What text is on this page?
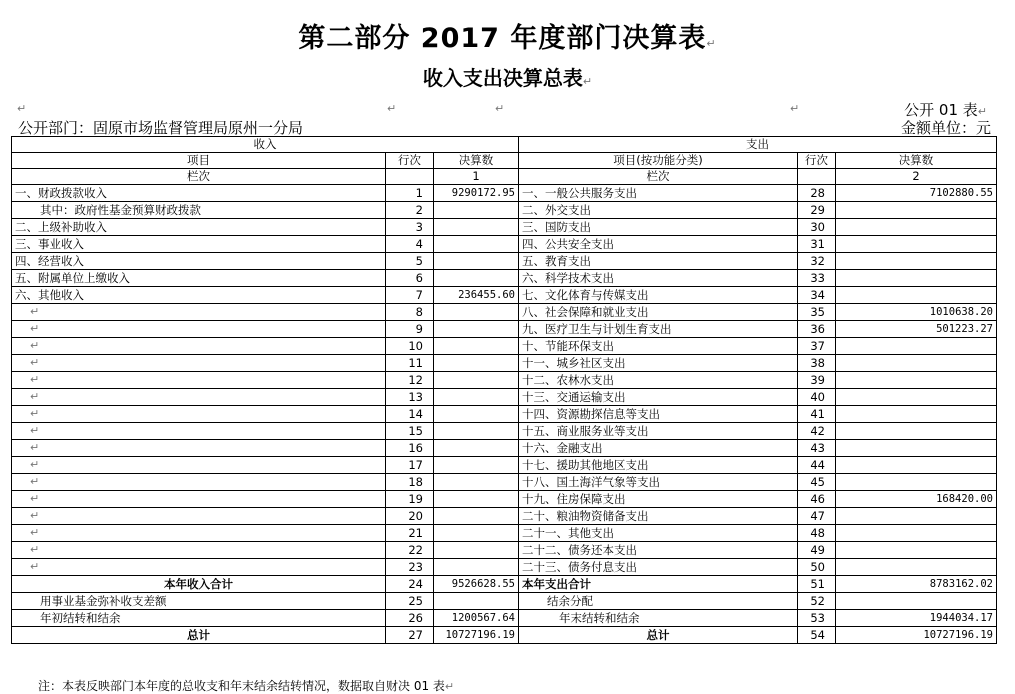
第二部分 2017 年度部门决算表↵
收入支出决算总表↵
公开 01 表↵
公开部门：固原市场监督管理局原州一分局	金额单位：元
↵	↵	↵	↵
收入			支出		
项目	行次	决算数	项目(按功能分类)	行次	决算数
栏次		1	栏次		2
一、财政拨款收入	1	9290172.95	一、一般公共服务支出	28	7102880.55
其中：政府性基金预算财政拨款	2		二、外交支出	29	
二、上级补助收入	3		三、国防支出	30	
三、事业收入	4		四、公共安全支出	31	
四、经营收入	5		五、教育支出	32	
五、附属单位上缴收入	6		六、科学技术支出	33	
六、其他收入	7	236455.60	七、文化体育与传媒支出	34	
↵	8		八、社会保障和就业支出	35	1010638.20
↵	9		九、医疗卫生与计划生育支出	36	501223.27
↵	10		十、节能环保支出	37	
↵	11		十一、城乡社区支出	38	
↵	12		十二、农林水支出	39	
↵	13		十三、交通运输支出	40	
↵	14		十四、资源勘探信息等支出	41	
↵	15		十五、商业服务业等支出	42	
↵	16		十六、金融支出	43	
↵	17		十七、援助其他地区支出	44	
↵	18		十八、国土海洋气象等支出	45	
↵	19		十九、住房保障支出	46	168420.00
↵	20		二十、粮油物资储备支出	47	
↵	21		二十一、其他支出	48	
↵	22		二十二、债务还本支出	49	
↵	23		二十三、债务付息支出	50	
本年收入合计	24	9526628.55	本年支出合计	51	8783162.02
用事业基金弥补收支差额	25		结余分配	52	
年初结转和结余	26	1200567.64	年末结转和结余	53	1944034.17
总计	27	10727196.19	总计	54	10727196.19
注：本表反映部门本年度的总收支和年末结余结转情况，数据取自财决 01 表↵
